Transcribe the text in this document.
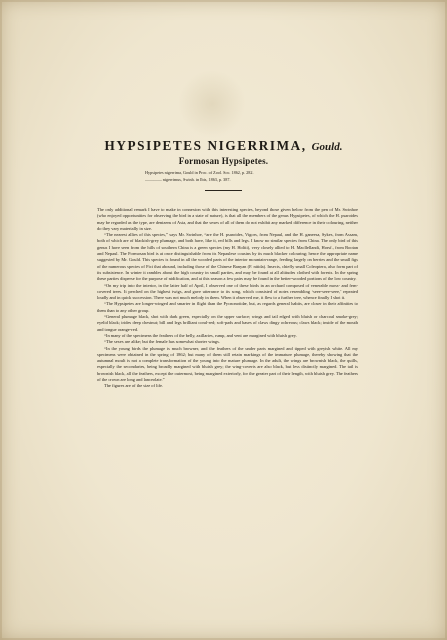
HYPSIPETES NIGERRIMA, Gould.
Formosan Hypsipetes.
Hypsipetes nigerrima, Gould in Proc. of Zool. Soc. 1862, p. 282.
———— nigerrimus, Swinh. in Ibis, 1863, p. 387.

The only additional remark I have to make in connexion with this interesting species, beyond those given below from the pen of Mr. Swinhoe (who enjoyed opportunities for observing the bird in a state of nature), is that all the members of the genus Hypsipetes, of which the H. psaroides may be regarded as the type, are denizens of Asia, and that the sexes of all of them do not exhibit any marked difference in their colouring, neither do they vary materially in size.

“The nearest allies of this species,” says Mr. Swinhoe, “are the H. psaroides, Vigors, from Nepaul, and the H. ganeesa, Sykes, from Assam, both of which are of blackish-grey plumage, and both have, like it, red bills and legs. I know no similar species from China. The only bird of this genus I have seen from the hills of southern China is a green species (my H. Holtii), very closely allied to H. Macllellandi, Horsf., from Bootan and Nepaul. The Formosan bird is at once distinguishable from its Nepaulese cousins by its much blacker colouring; hence the appropriate name suggested by Mr. Gould. This species is found in all the wooded parts of the interior mountain-range, feeding largely on berries and the small figs of the numerous species of Fici that abound, including those of the Chinese Banyan (F. nitida). Insects, chiefly small Coleoptera, also form part of its subsistence. In winter it rambles about the high country in small parties, and may be found at all altitudes clothed with forests. In the spring these parties disperse for the purpose of nidification, and at this season a few pairs may be found in the better-wooded portions of the low country.

“On my trip into the interior, in the latter half of April, I observed one of these birds in an orchard composed of venerable moss- and fern-covered trees. It perched on the highest twigs, and gave utterance to its song, which consisted of notes resembling ‘seee-seee-seee,’ repeated loudly and in quick succession. There was not much melody in them. When it observed me, it flew to a further tree, whence finally I shot it.

“The Hypsipetes are longer-winged and smarter in flight than the Pycnonotidæ, but, as regards general habits, are closer in their affinities to them than to any other group.

“General plumage black, shot with dark green, especially on the upper surface; wings and tail edged with bluish or charcoal smoke-grey; eyelid black; irides deep chestnut; bill and legs brilliant coral-red; soft-pads and bases of claws dingy ochreous; claws black; inside of the mouth and tongue orange-red.

“In many of the specimens the feathers of the belly, axillaries, rump, and vent are margined with bluish grey.

“The sexes are alike; but the female has somewhat shorter wings.

“In the young birds the plumage is much browner, and the feathers of the under parts margined and tipped with greyish white. All my specimens were obtained in the spring of 1862; but many of them still retain markings of the immature plumage, thereby showing that the autumnal moult is not a complete transformation of the young into the mature plumage. In the adult, the wings are brownish black, the quills, especially the secondaries, being broadly margined with bluish grey; the wing-coverts are also black, but less distinctly margined. The tail is brownish black, all the feathers, except the outermost, being margined exteriorly, for the greater part of their length, with bluish grey. The feathers of the crown are long and lanceolate.”

The figures are of the size of life.
